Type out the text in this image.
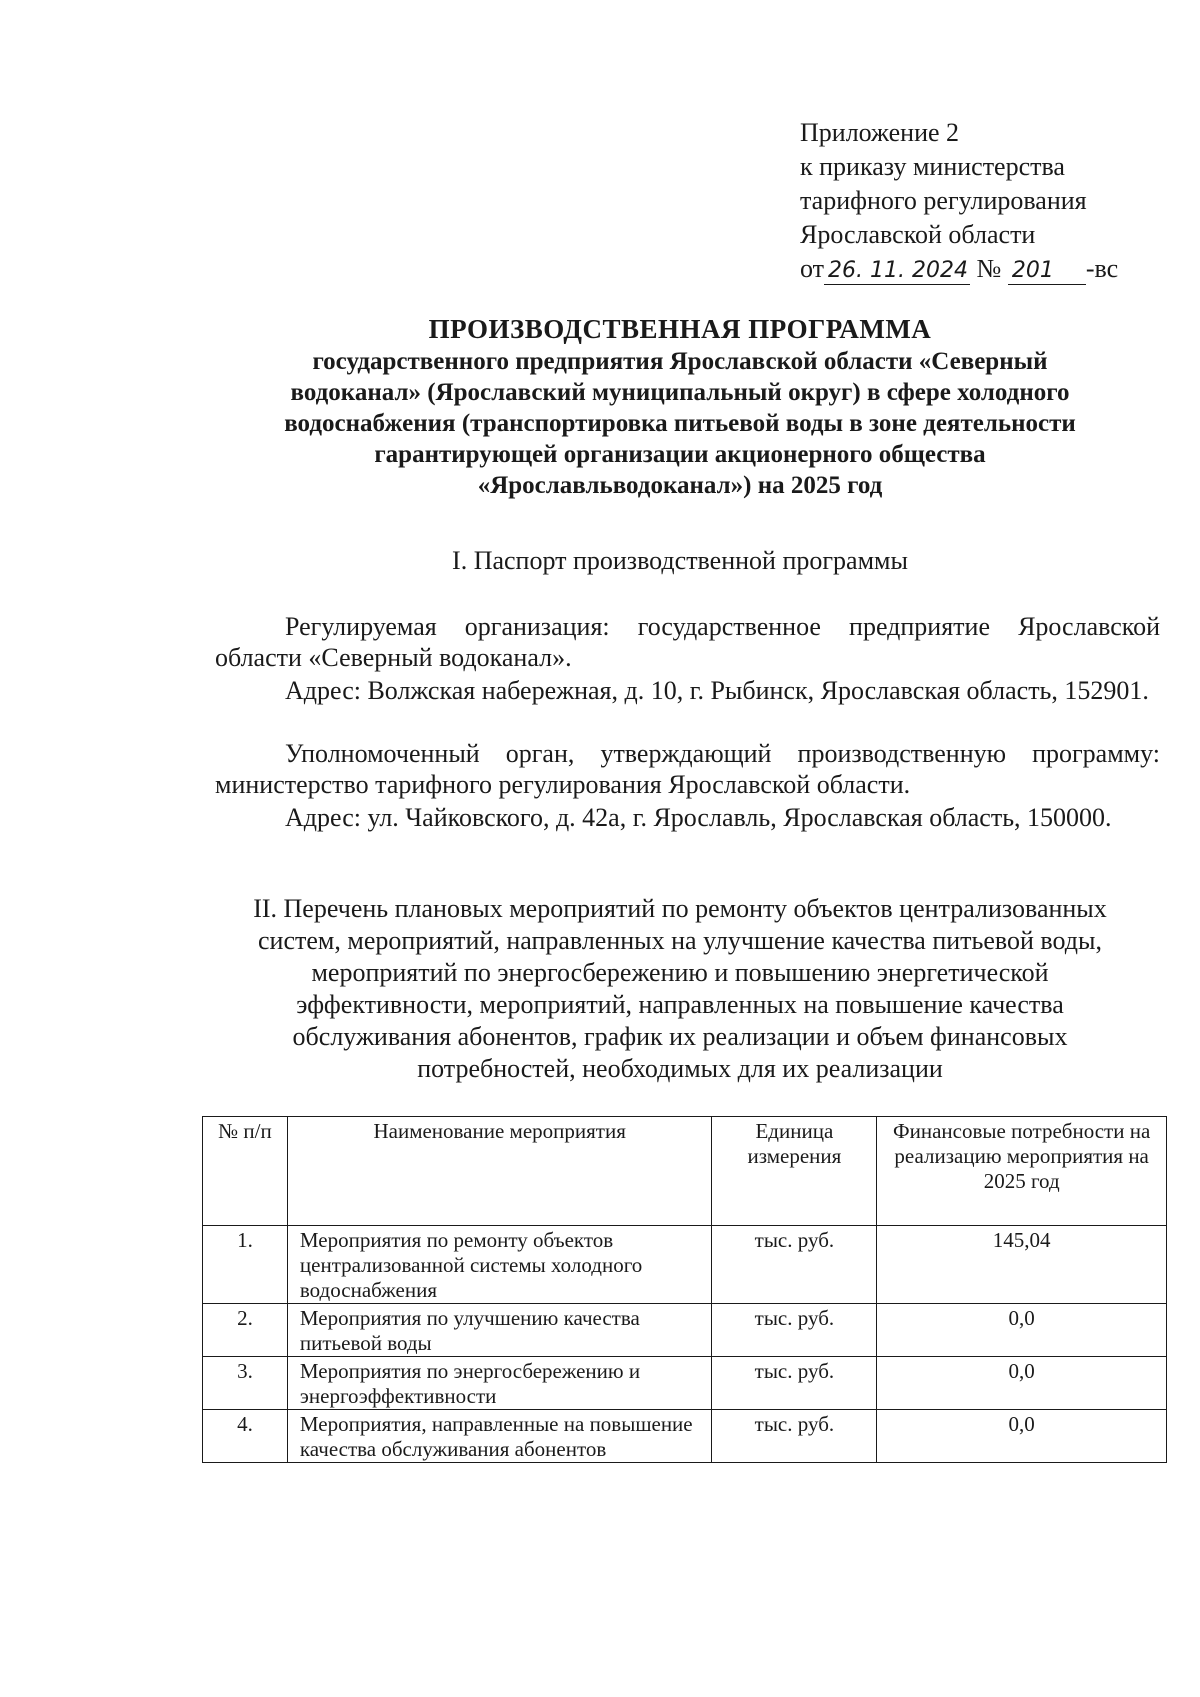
Приложение 2
к приказу министерства
тарифного регулирования
Ярославской области
от 26. 11. 2024 № 201 -вс
ПРОИЗВОДСТВЕННАЯ ПРОГРАММА
государственного предприятия Ярославской области «Северный
водоканал» (Ярославский муниципальный округ) в сфере холодного
водоснабжения (транспортировка питьевой воды в зоне деятельности
гарантирующей организации акционерного общества
«Ярославльводоканал») на 2025 год
I. Паспорт производственной программы
Регулируемая организация: государственное предприятие Ярославской области «Северный водоканал».
Адрес: Волжская набережная, д. 10, г. Рыбинск, Ярославская область, 152901.
Уполномоченный орган, утверждающий производственную программу: министерство тарифного регулирования Ярославской области.
Адрес: ул. Чайковского, д. 42а, г. Ярославль, Ярославская область, 150000.
II. Перечень плановых мероприятий по ремонту объектов централизованных
систем, мероприятий, направленных на улучшение качества питьевой воды,
мероприятий по энергосбережению и повышению энергетической
эффективности, мероприятий, направленных на повышение качества
обслуживания абонентов, график их реализации и объем финансовых
потребностей, необходимых для их реализации
№ п/п	Наименование мероприятия	Единица измерения	Финансовые потребности на реализацию мероприятия на 2025 год
1.	Мероприятия по ремонту объектов централизованной системы холодного водоснабжения	тыс. руб.	145,04
2.	Мероприятия по улучшению качества питьевой воды	тыс. руб.	0,0
3.	Мероприятия по энергосбережению и энергоэффективности	тыс. руб.	0,0
4.	Мероприятия, направленные на повышение качества обслуживания абонентов	тыс. руб.	0,0
